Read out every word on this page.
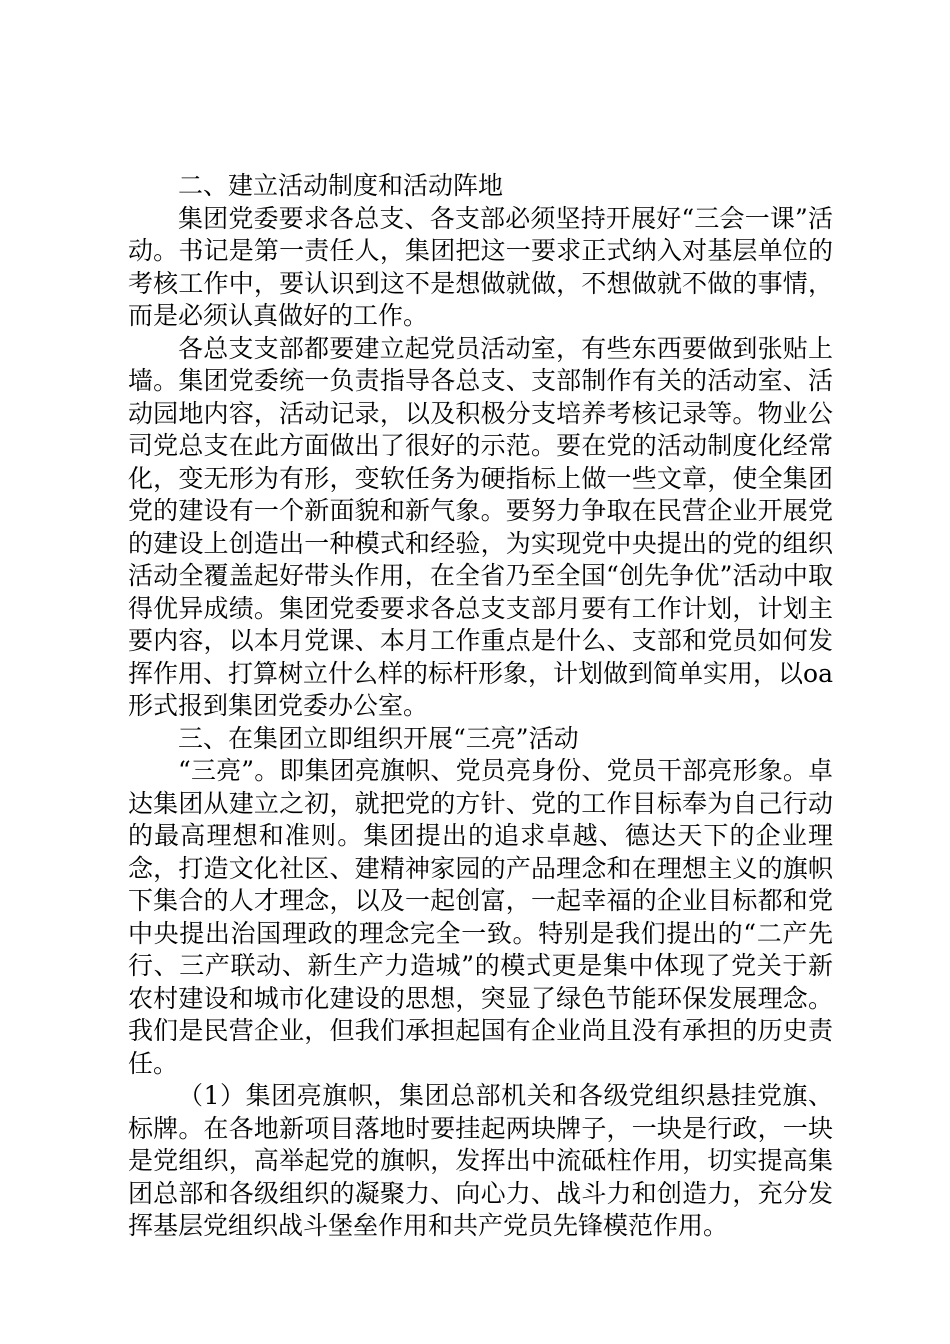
二、建立活动制度和活动阵地

集团党委要求各总支、各支部必须坚持开展好“三会一课”活动。书记是第一责任人，集团把这一要求正式纳入对基层单位的考核工作中，要认识到这不是想做就做，不想做就不做的事情，而是必须认真做好的工作。

各总支支部都要建立起党员活动室，有些东西要做到张贴上墙。集团党委统一负责指导各总支、支部制作有关的活动室、活动园地内容，活动记录，以及积极分支培养考核记录等。物业公司党总支在此方面做出了很好的示范。要在党的活动制度化经常化，变无形为有形，变软任务为硬指标上做一些文章，使全集团党的建设有一个新面貌和新气象。要努力争取在民营企业开展党的建设上创造出一种模式和经验，为实现党中央提出的党的组织活动全覆盖起好带头作用，在全省乃至全国“创先争优”活动中取得优异成绩。集团党委要求各总支支部月要有工作计划，计划主要内容，以本月党课、本月工作重点是什么、支部和党员如何发挥作用、打算树立什么样的标杆形象，计划做到简单实用，以oa形式报到集团党委办公室。

三、在集团立即组织开展“三亮”活动

“三亮”。即集团亮旗帜、党员亮身份、党员干部亮形象。卓达集团从建立之初，就把党的方针、党的工作目标奉为自己行动的最高理想和准则。集团提出的追求卓越、德达天下的企业理念，打造文化社区、建精神家园的产品理念和在理想主义的旗帜下集合的人才理念，以及一起创富，一起幸福的企业目标都和党中央提出治国理政的理念完全一致。特别是我们提出的“二产先行、三产联动、新生产力造城”的模式更是集中体现了党关于新农村建设和城市化建设的思想，突显了绿色节能环保发展理念。我们是民营企业，但我们承担起国有企业尚且没有承担的历史责任。

（1）集团亮旗帜，集团总部机关和各级党组织悬挂党旗、标牌。在各地新项目落地时要挂起两块牌子，一块是行政，一块是党组织，高举起党的旗帜，发挥出中流砥柱作用，切实提高集团总部和各级组织的凝聚力、向心力、战斗力和创造力，充分发挥基层党组织战斗堡垒作用和共产党员先锋模范作用。
